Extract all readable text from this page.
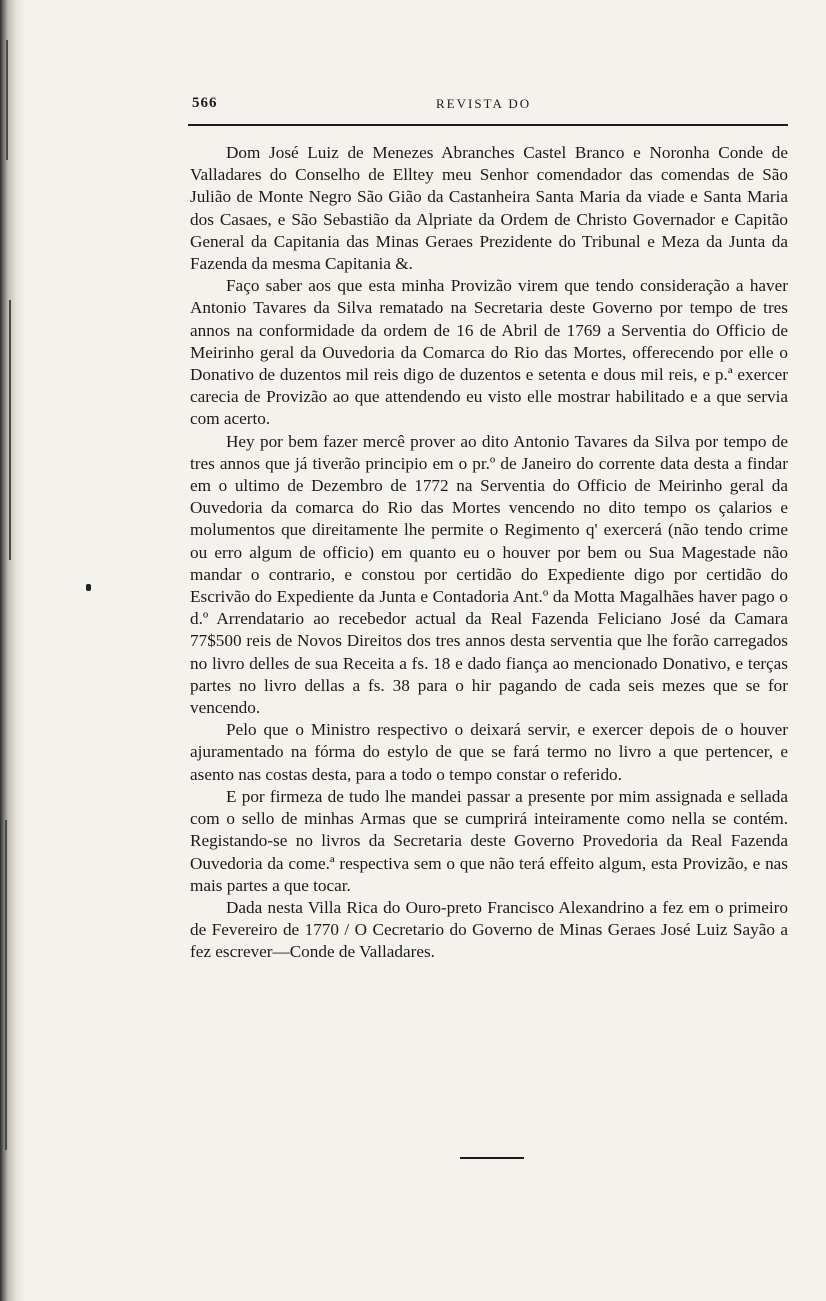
566	REVISTA DO

Dom José Luiz de Menezes Abranches Castel Branco e Noronha Conde de Valladares do Conselho de Elltey meu Senhor comendador das comendas de São Julião de Monte Negro São Gião da Castanheira Santa Maria da viade e Santa Maria dos Casaes, e São Sebastião da Alpriate da Ordem de Christo Governador e Capitão General da Capitania das Minas Geraes Prezidente do Tribunal e Meza da Junta da Fazenda da mesma Capitania &.

Faço saber aos que esta minha Provizão virem que tendo consideração a haver Antonio Tavares da Silva rematado na Secretaria deste Governo por tempo de tres annos na conformidade da ordem de 16 de Abril de 1769 a Serventia do Officio de Meirinho geral da Ouvedoria da Comarca do Rio das Mortes, offerecendo por elle o Donativo de duzentos mil reis digo de duzentos e setenta e dous mil reis, e p.ª exercer carecia de Provizão ao que attendendo eu visto elle mostrar habilitado e a que servia com acerto.

Hey por bem fazer mercê prover ao dito Antonio Tavares da Silva por tempo de tres annos que já tiverão principio em o pr.º de Janeiro do corrente data desta a findar em o ultimo de Dezembro de 1772 na Serventia do Officio de Meirinho geral da Ouvedoria da comarca do Rio das Mortes vencendo no dito tempo os çalarios e molumentos que direitamente lhe permite o Regimento q' exercerá (não tendo crime ou erro algum de officio) em quanto eu o houver por bem ou Sua Magestade não mandar o contrario, e constou por certidão do Expediente digo por certidão do Escrivão do Expediente da Junta e Contadoria Ant.º da Motta Magalhães haver pago o d.º Arrendatario ao recebedor actual da Real Fazenda Feliciano José da Camara 77$500 reis de Novos Direitos dos tres annos desta serventia que lhe forão carregados no livro delles de sua Receita a fs. 18 e dado fiança ao mencionado Donativo, e terças partes no livro dellas a fs. 38 para o hir pagando de cada seis mezes que se for vencendo.

Pelo que o Ministro respectivo o deixará servir, e exercer depois de o houver ajuramentado na fórma do estylo de que se fará termo no livro a que pertencer, e asento nas costas desta, para a todo o tempo constar o referido.

E por firmeza de tudo lhe mandei passar a presente por mim assignada e sellada com o sello de minhas Armas que se cumprirá inteiramente como nella se contém. Registando-se no livros da Secretaria deste Governo Provedoria da Real Fazenda Ouvedoria da come.ª respectiva sem o que não terá effeito algum, esta Provizão, e nas mais partes a que tocar.

Dada nesta Villa Rica do Ouro-preto Francisco Alexandrino a fez em o primeiro de Fevereiro de 1770 / O Cecretario do Governo de Minas Geraes José Luiz Sayão a fez escrever—Conde de Valladares.
